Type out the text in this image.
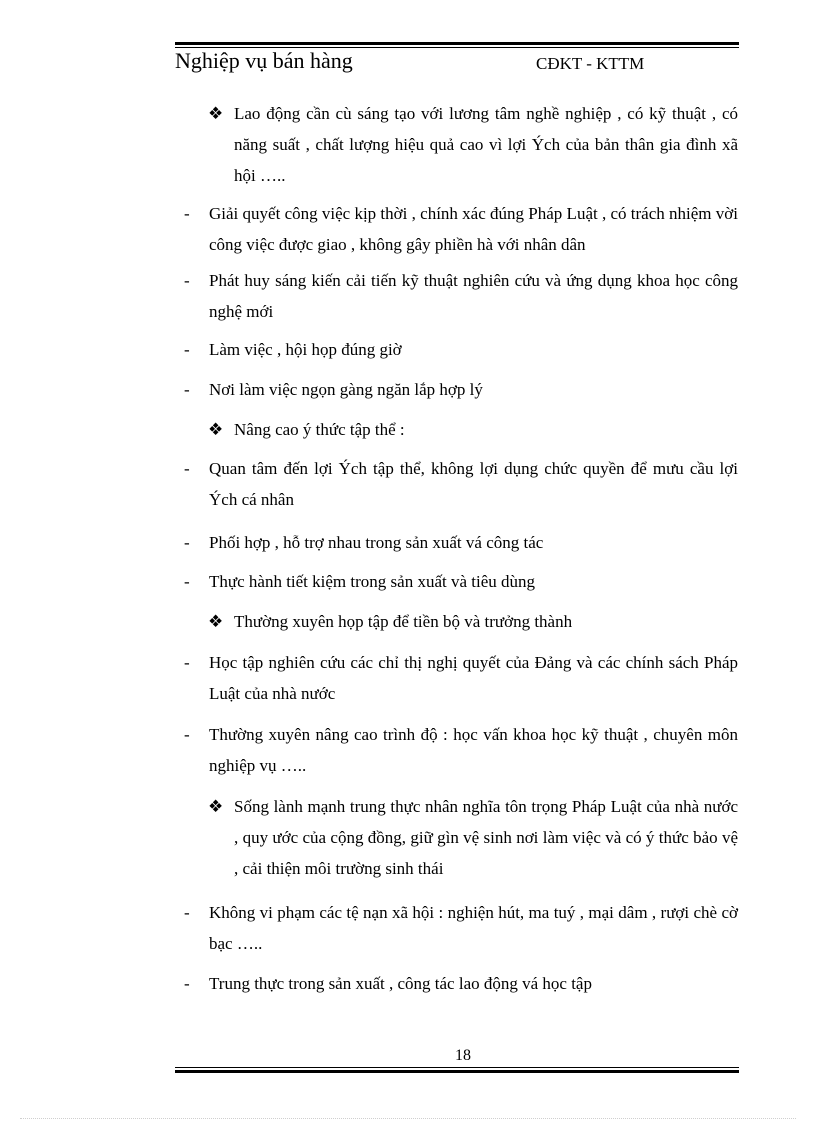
Nghiệp vụ bán hàng	CĐKT - KTTM
❖ Lao động cần cù sáng tạo với lương tâm nghề nghiệp , có kỹ thuật , có năng suất , chất lượng hiệu quả cao vì lợi Ých của bản thân gia đình xã hội …..
- Giải quyết công việc kịp thời , chính xác đúng Pháp Luật , có trách nhiệm vời công việc được giao , không gây phiền hà với nhân dân
- Phát huy sáng kiến cải tiến kỹ thuật nghiên cứu và ứng dụng khoa học công nghệ mới
- Làm việc , hội họp đúng giờ
- Nơi làm việc ngọn gàng ngăn lắp hợp lý
❖ Nâng cao ý thức tập thể :
- Quan tâm đến lợi Ých tập thể, không lợi dụng chức quyền để mưu cầu lợi Ých cá nhân
- Phối hợp , hỗ trợ nhau trong sản xuất vá công tác
- Thực hành tiết kiệm trong sản xuất và tiêu dùng
❖ Thường xuyên họp tập để tiền bộ và trưởng thành
- Học tập nghiên cứu các chỉ thị nghị quyết của Đảng và các chính sách Pháp Luật của nhà nước
- Thường xuyên nâng cao trình độ : học vấn khoa học kỹ thuật , chuyên môn nghiệp vụ …..
❖ Sống lành mạnh trung thực nhân nghĩa tôn trọng Pháp Luật của nhà nước , quy ước của cộng đồng, giữ gìn vệ sinh nơi làm việc và có ý thức bảo vệ , cải thiện môi trường sinh thái
- Không vi phạm các tệ nạn xã hội : nghiện hút, ma tuý , mại dâm , rượi chè cờ bạc …..
- Trung thực trong sản xuất , công tác lao động vá học tập
18
